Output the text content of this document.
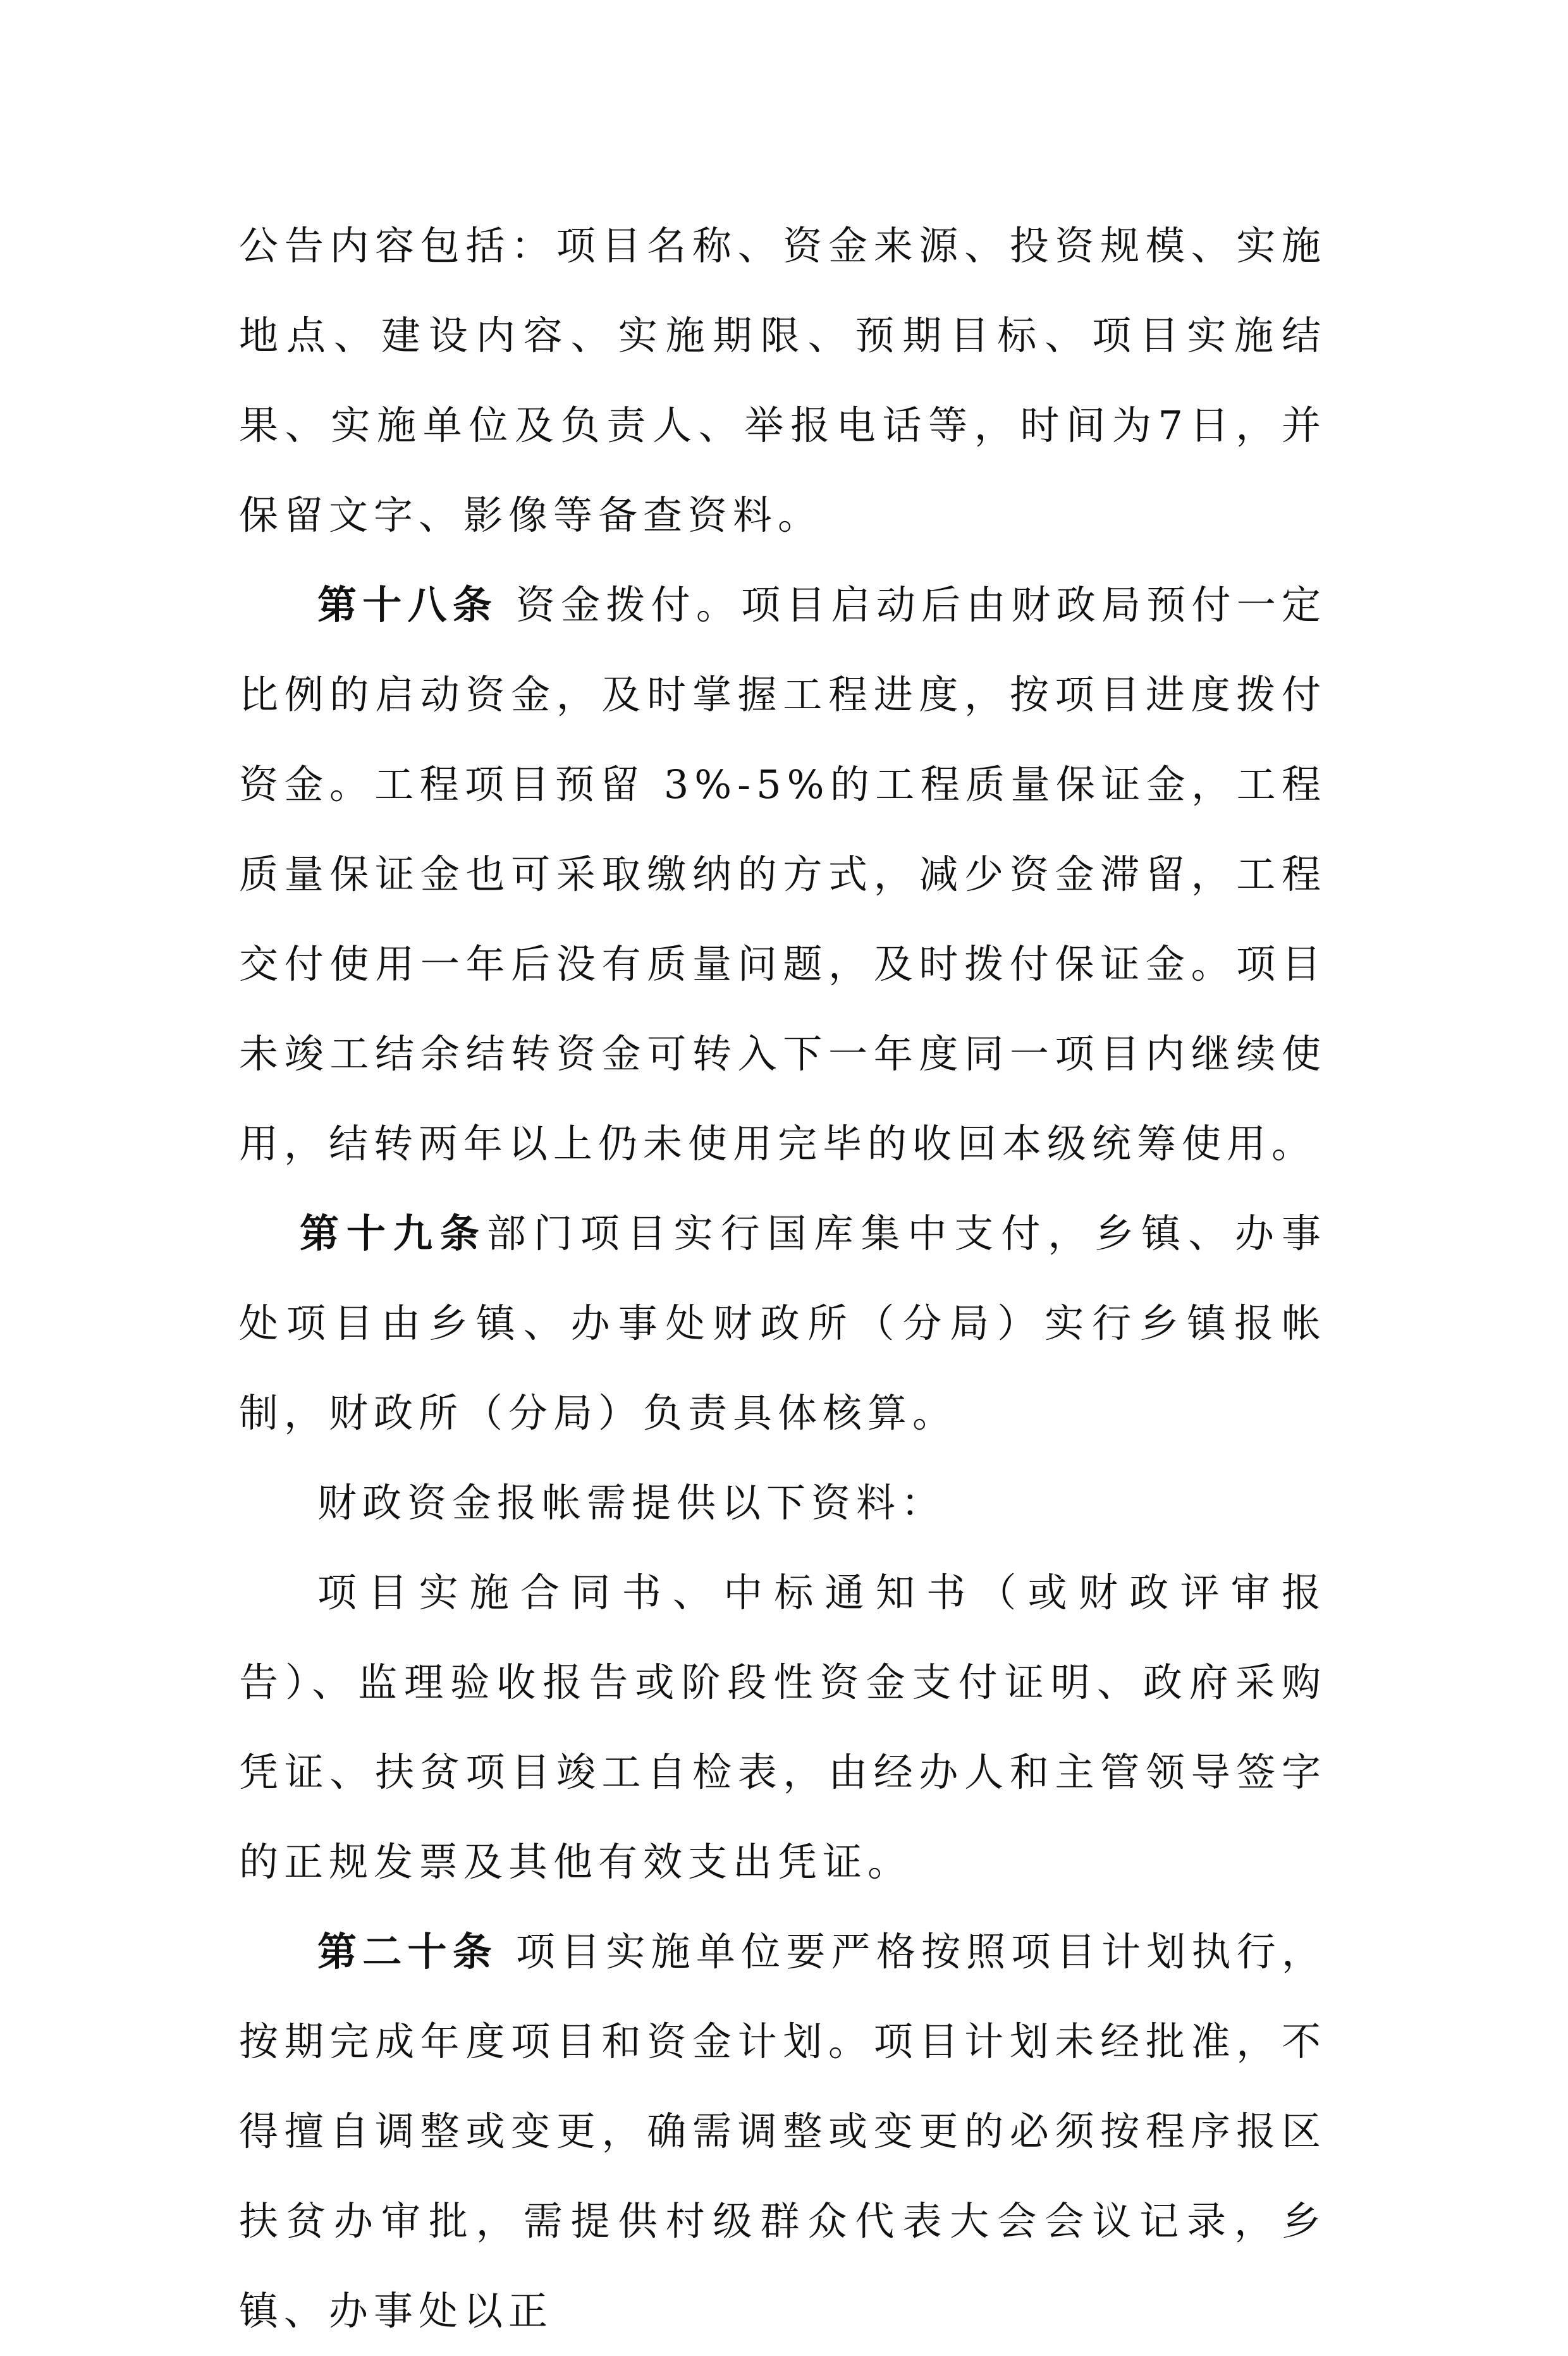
公告内容包括：项目名称、资金来源、投资规模、实施地点、建设内容、实施期限、预期目标、项目实施结果、实施单位及负责人、举报电话等，时间为7日，并保留文字、影像等备查资料。

第十八条 资金拨付。项目启动后由财政局预付一定比例的启动资金，及时掌握工程进度，按项目进度拨付资金。工程项目预留 3%-5%的工程质量保证金，工程质量保证金也可采取缴纳的方式，减少资金滞留，工程交付使用一年后没有质量问题，及时拨付保证金。项目未竣工结余结转资金可转入下一年度同一项目内继续使用，结转两年以上仍未使用完毕的收回本级统筹使用。

第十九条部门项目实行国库集中支付，乡镇、办事处项目由乡镇、办事处财政所（分局）实行乡镇报帐制，财政所（分局）负责具体核算。

财政资金报帐需提供以下资料：

项目实施合同书、中标通知书（或财政评审报告）、监理验收报告或阶段性资金支付证明、政府采购凭证、扶贫项目竣工自检表，由经办人和主管领导签字的正规发票及其他有效支出凭证。

第二十条 项目实施单位要严格按照项目计划执行，按期完成年度项目和资金计划。项目计划未经批准，不得擅自调整或变更，确需调整或变更的必须按程序报区扶贫办审批，需提供村级群众代表大会会议记录，乡镇、办事处以正
